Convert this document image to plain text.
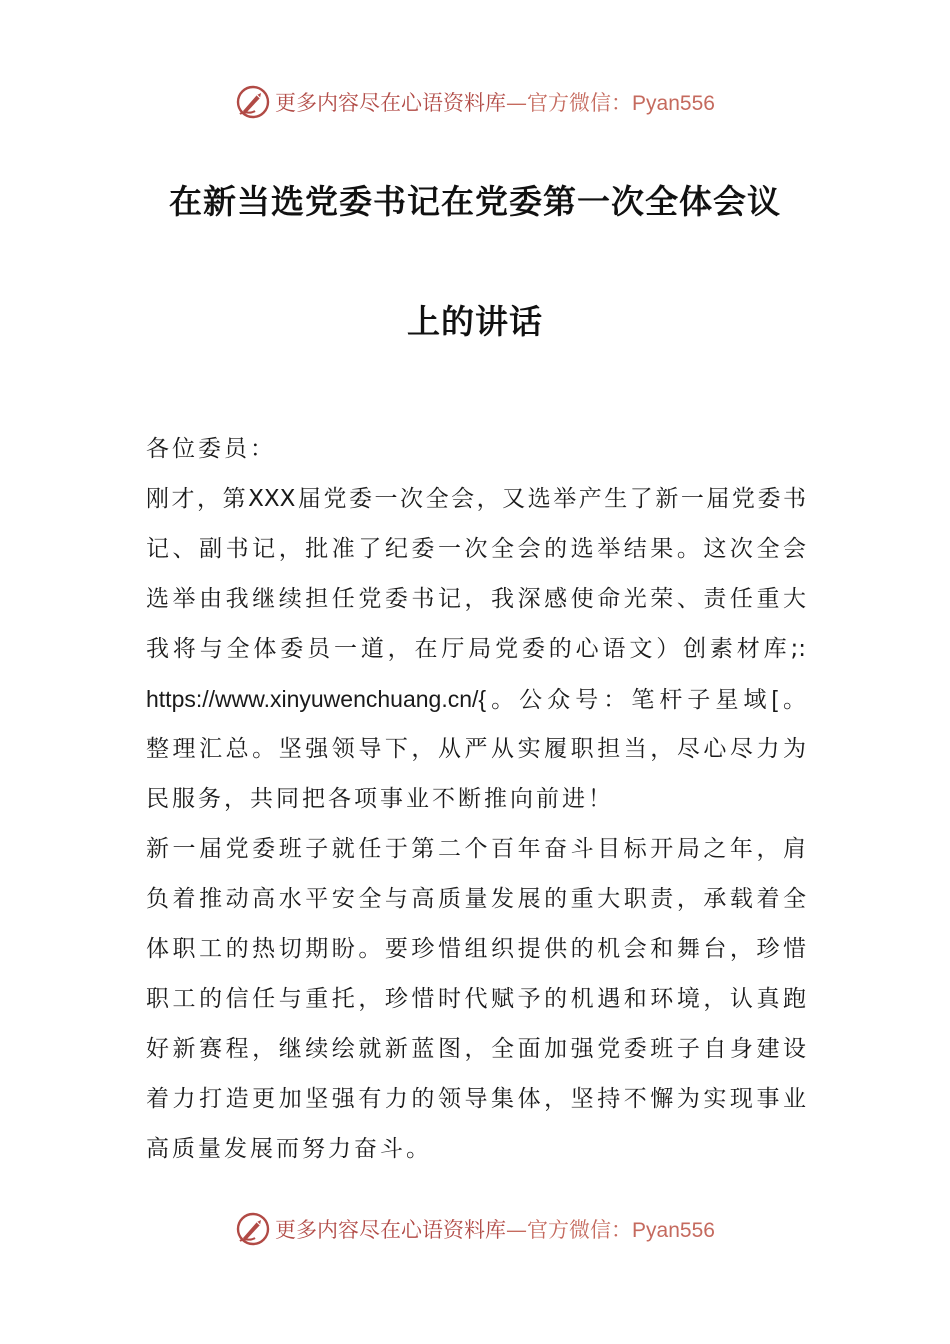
更多内容尽在心语资料库—官方微信：Pyan556
在新当选党委书记在党委第一次全体会议
上的讲话
各位委员：
刚才，第XXX届党委一次全会，又选举产生了新一届党委书
记、副书记，批准了纪委一次全会的选举结果。这次全会
选举由我继续担任党委书记，我深感使命光荣、责任重大
我将与全体委员一道，在厅局党委的心语文）创素材库;:
https://www.xinyuwenchuang.cn/{。公众号：笔杆子星域[。
整理汇总。坚强领导下，从严从实履职担当，尽心尽力为
民服务，共同把各项事业不断推向前进！
新一届党委班子就任于第二个百年奋斗目标开局之年，肩
负着推动高水平安全与高质量发展的重大职责，承载着全
体职工的热切期盼。要珍惜组织提供的机会和舞台，珍惜
职工的信任与重托，珍惜时代赋予的机遇和环境，认真跑
好新赛程，继续绘就新蓝图，全面加强党委班子自身建设
着力打造更加坚强有力的领导集体，坚持不懈为实现事业
高质量发展而努力奋斗。
更多内容尽在心语资料库—官方微信：Pyan556
